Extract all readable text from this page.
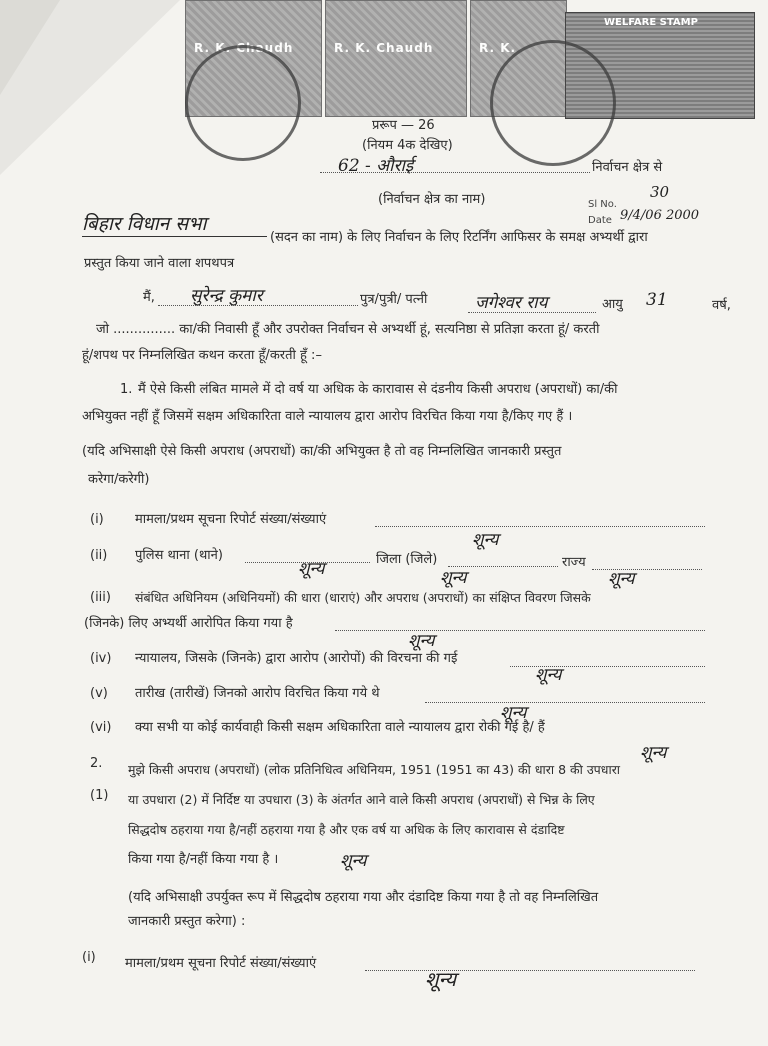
R. K. Chaudh	R. K. Chaudh	R. K.
WELFARE STAMP
Sl No.
30
Date 9/4/06 2000
प्ररूप — 26
(नियम 4क देखिए)
62 - औराई	निर्वाचन क्षेत्र से
(निर्वाचन क्षेत्र का नाम)
बिहार विधान सभा
(सदन का नाम) के लिए निर्वाचन के लिए रिटर्निंग आफिसर के समक्ष अभ्यर्थी द्वारा
प्रस्तुत किया जाने वाला शपथपत्र
मैं, सुरेन्द्र कुमार	पुत्र/पुत्री/ पत्नी	जगेश्वर राय	आयु 31	वर्ष,
जो ............... का/की निवासी हूँ और उपरोक्त निर्वाचन से अभ्यर्थी हूं, सत्यनिष्ठा से प्रतिज्ञा करता हूं/ करती
हूं/शपथ पर निम्नलिखित कथन करता हूँ/करती हूँ :–
1. मैं ऐसे किसी लंबित मामले में दो वर्ष या अधिक के कारावास से दंडनीय किसी अपराध (अपराधों) का/की
अभियुक्त नहीं हूँ जिसमें सक्षम अधिकारिता वाले न्यायालय द्वारा आरोप विरचित किया गया है/किए गए हैं ।
(यदि अभिसाक्षी ऐसे किसी अपराध (अपराधों) का/की अभियुक्त है तो वह निम्नलिखित जानकारी प्रस्तुत
करेगा/करेगी)
(i) मामला/प्रथम सूचना रिपोर्ट संख्या/संख्याएं
शून्य
(ii) पुलिस थाना (थाने)
शून्य	जिला (जिले)
शून्य
राज्य
शून्य
(iii) संबंधित अधिनियम (अधिनियमों) की धारा (धाराएं) और अपराध (अपराधों) का संक्षिप्त विवरण जिसके
(जिनके) लिए अभ्यर्थी आरोपित किया गया है
शून्य
(iv) न्यायालय, जिसके (जिनके) द्वारा आरोप (आरोपों) की विरचना की गई
शून्य
(v) तारीख (तारीखें) जिनको आरोप विरचित किया गये थे
शून्य
(vi) क्या सभी या कोई कार्यवाही किसी सक्षम अधिकारिता वाले न्यायालय द्वारा रोकी गई है/ हैं
शून्य
2. मुझे किसी अपराध (अपराधों) (लोक प्रतिनिधित्व अधिनियम, 1951 (1951 का 43) की धारा 8 की उपधारा
(1) या उपधारा (2) में निर्दिष्ट या उपधारा (3) के अंतर्गत आने वाले किसी अपराध (अपराधों) से भिन्न के लिए
सिद्धदोष ठहराया गया है/नहीं ठहराया गया है और एक वर्ष या अधिक के लिए कारावास से दंडादिष्ट
किया गया है/नहीं किया गया है ।	शून्य
(यदि अभिसाक्षी उपर्युक्त रूप में सिद्धदोष ठहराया गया और दंडादिष्ट किया गया है तो वह निम्नलिखित
जानकारी प्रस्तुत करेगा) :
(i) मामला/प्रथम सूचना रिपोर्ट संख्या/संख्याएं
शून्य
